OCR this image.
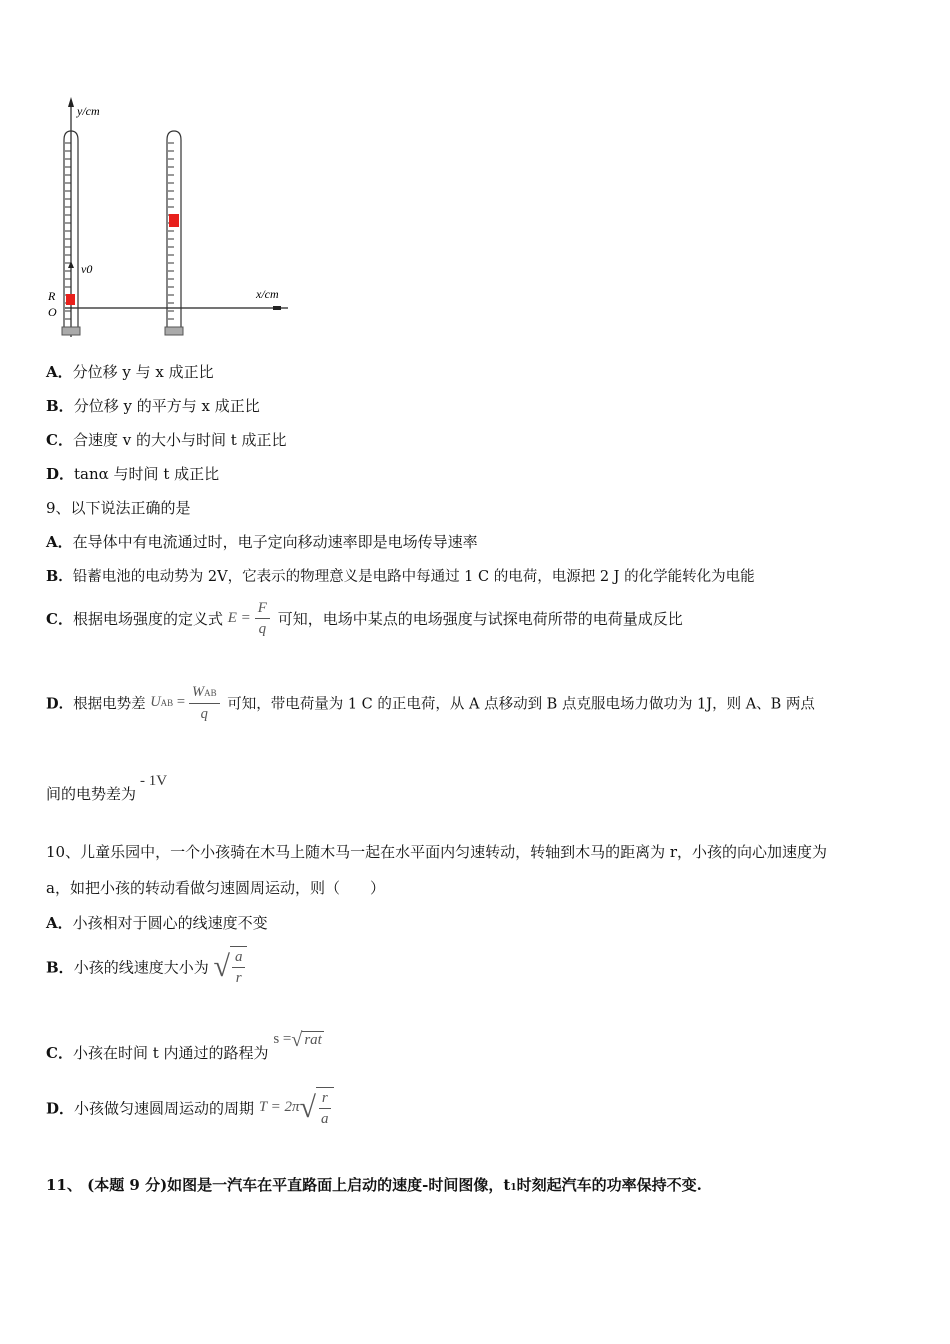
y/cm
x/cm
v0
R
O
A．分位移 y 与 x 成正比
B．分位移 y 的平方与 x 成正比
C．合速度 v 的大小与时间 t 成正比
D．tanα 与时间 t 成正比
9、以下说法正确的是
A．在导体中有电流通过时，电子定向移动速率即是电场传导速率
B．铅蓄电池的电动势为 2V，它表示的物理意义是电路中每通过 1 C 的电荷，电源把 2 J 的化学能转化为电能
C．根据电场强度的定义式 $E = \frac{F}{q}$ 可知，电场中某点的电场强度与试探电荷所带的电荷量成反比
D．根据电势差 UAB = $\frac{\text{WAB}}{q}$ 可知，带电荷量为 1 C 的正电荷，从 A 点移动到 B 点克服电场力做功为 1J，则 A、B 两点
间的电势差为- 1V
10、儿童乐园中，一个小孩骑在木马上随木马一起在水平面内匀速转动，转轴到木马的距离为 r，小孩的向心加速度为
a，如把小孩的转动看做匀速圆周运动，则（　　）
A．小孩相对于圆心的线速度不变
B．小孩的线速度大小为 √ $\frac{a}{r}$
C．小孩在时间 t 内通过的路程为 s =√ rat
D．小孩做匀速圆周运动的周期 $T = 2\pi√ \frac{r}{a}$
11、 (本题 9 分)如图是一汽车在平直路面上启动的速度-时间图像，t1时刻起汽车的功率保持不变.
